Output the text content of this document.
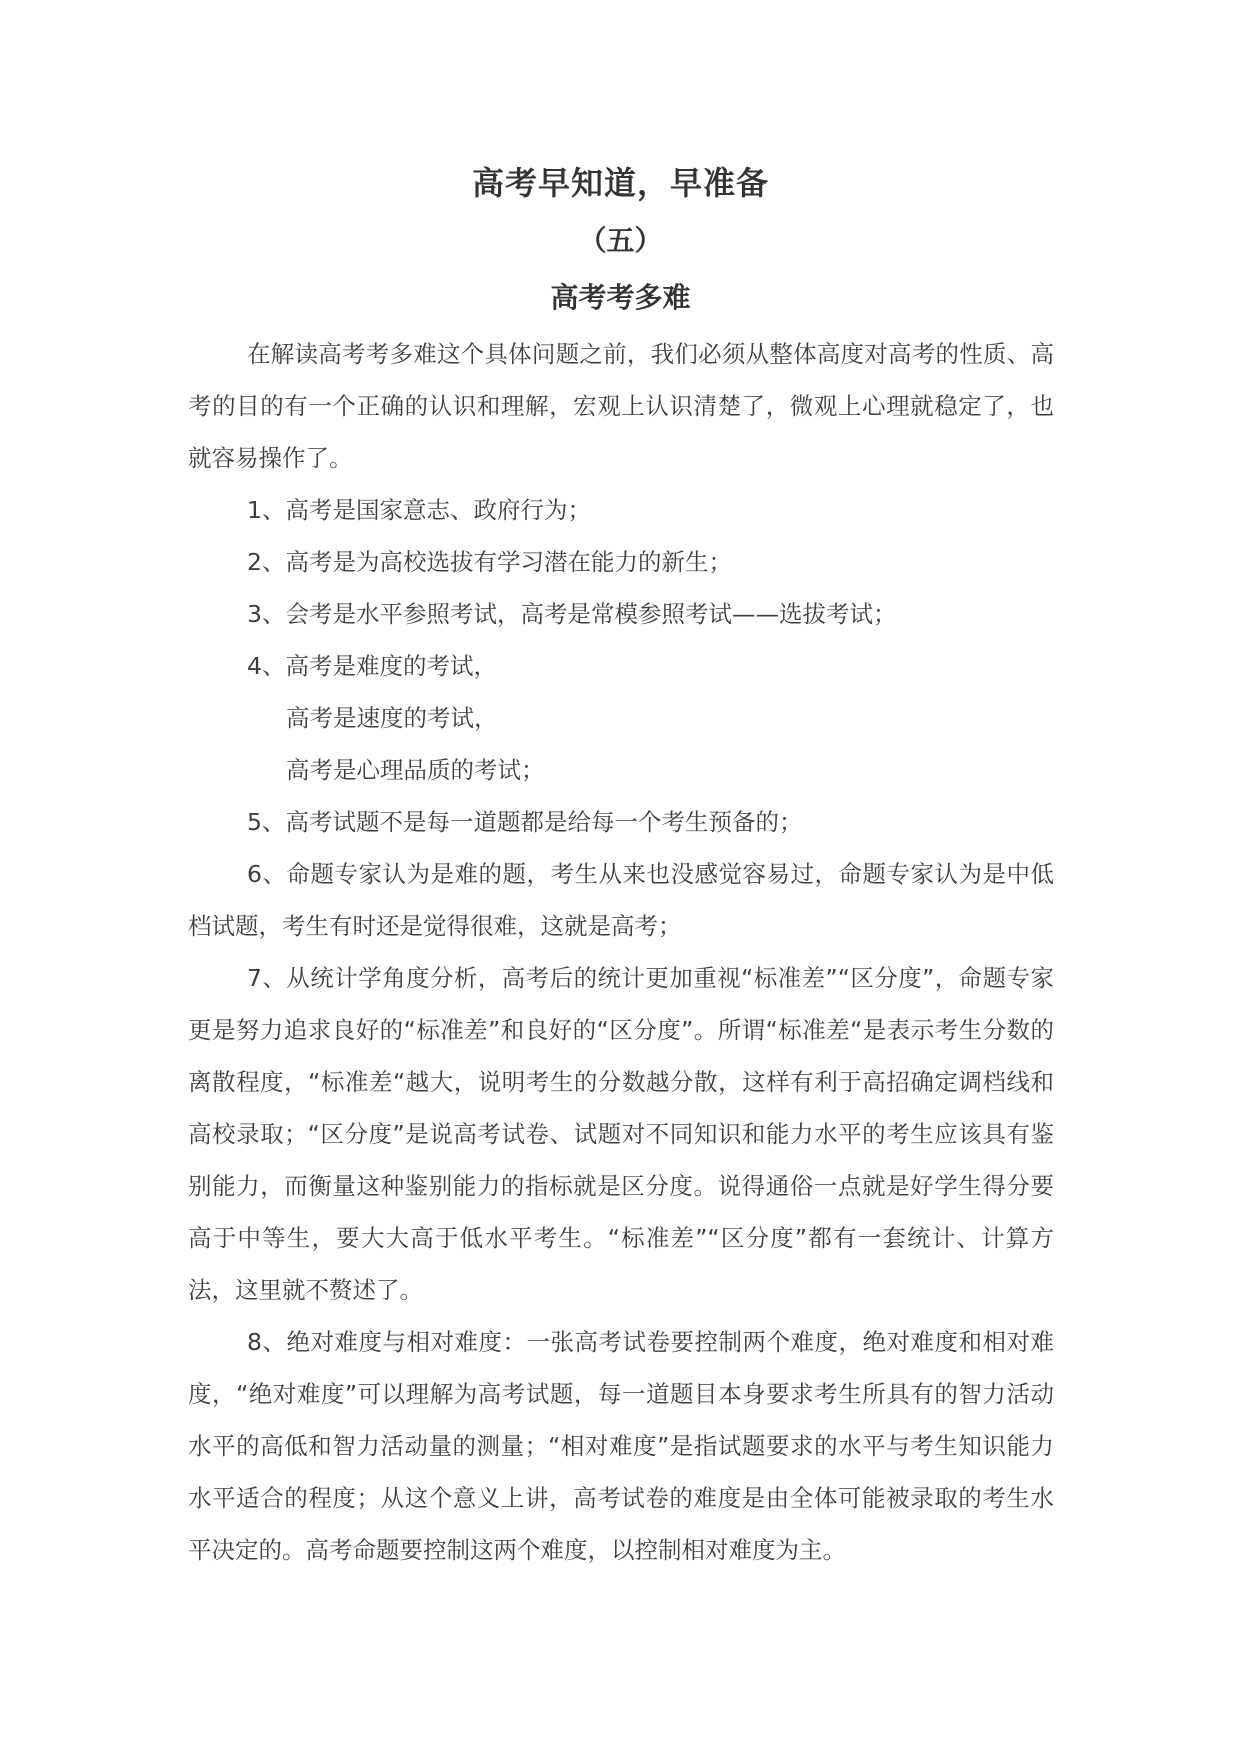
高考早知道，早准备
（五）
高考考多难

在解读高考考多难这个具体问题之前，我们必须从整体高度对高考的性质、高考的目的有一个正确的认识和理解，宏观上认识清楚了，微观上心理就稳定了，也就容易操作了。

1、高考是国家意志、政府行为；

2、高考是为高校选拔有学习潜在能力的新生；

3、会考是水平参照考试，高考是常模参照考试——选拔考试；

4、高考是难度的考试，

高考是速度的考试，

高考是心理品质的考试；

5、高考试题不是每一道题都是给每一个考生预备的；

6、命题专家认为是难的题，考生从来也没感觉容易过，命题专家认为是中低档试题，考生有时还是觉得很难，这就是高考；

7、从统计学角度分析，高考后的统计更加重视“标准差”“区分度”，命题专家更是努力追求良好的“标准差”和良好的“区分度”。所谓“标准差“是表示考生分数的离散程度，“标准差“越大，说明考生的分数越分散，这样有利于高招确定调档线和高校录取；“区分度”是说高考试卷、试题对不同知识和能力水平的考生应该具有鉴别能力，而衡量这种鉴别能力的指标就是区分度。说得通俗一点就是好学生得分要高于中等生，要大大高于低水平考生。“标准差”“区分度”都有一套统计、计算方法，这里就不赘述了。

8、绝对难度与相对难度：一张高考试卷要控制两个难度，绝对难度和相对难度，“绝对难度”可以理解为高考试题，每一道题目本身要求考生所具有的智力活动水平的高低和智力活动量的测量；“相对难度”是指试题要求的水平与考生知识能力水平适合的程度；从这个意义上讲，高考试卷的难度是由全体可能被录取的考生水平决定的。高考命题要控制这两个难度，以控制相对难度为主。
